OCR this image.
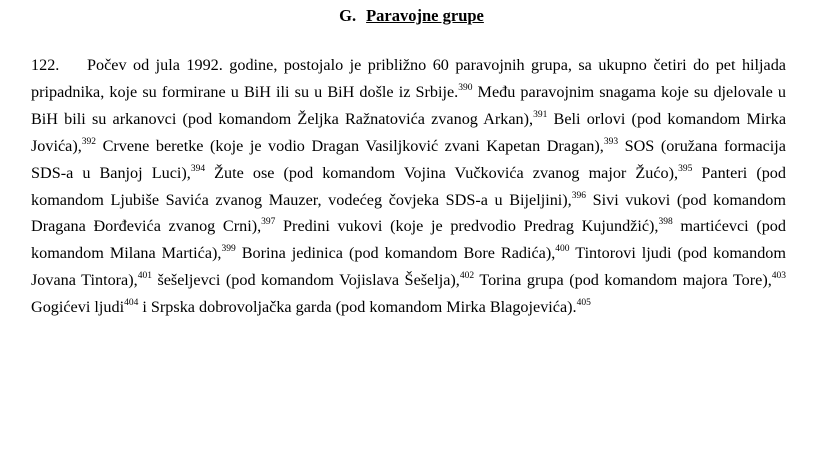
G. Paravojne grupe
122. Počev od jula 1992. godine, postojalo je približno 60 paravojnih grupa, sa ukupno četiri do pet hiljada pripadnika, koje su formirane u BiH ili su u BiH došle iz Srbije.$^{390}$ Među paravojnim snagama koje su djelovale u BiH bili su arkanovci (pod komandom Željka Ražnatovića zvanog Arkan),$^{391}$ Beli orlovi (pod komandom Mirka Jovića),$^{392}$ Crvene beretke (koje je vodio Dragan Vasiljković zvani Kapetan Dragan),$^{393}$ SOS (oružana formacija SDS-a u Banjoj Luci),$^{394}$ Žute ose (pod komandom Vojina Vučkovića zvanog major Žućo),$^{395}$ Panteri (pod komandom Ljubiše Savića zvanog Mauzer, vodećeg čovjeka SDS-a u Bijeljini),$^{396}$ Sivi vukovi (pod komandom Dragana Đorđevića zvanog Crni),$^{397}$ Predini vukovi (koje je predvodio Predrag Kujundžić),$^{398}$ martićevci (pod komandom Milana Martića),$^{399}$ Borina jedinica (pod komandom Bore Radića),$^{400}$ Tintorovi ljudi (pod komandom Jovana Tintora),$^{401}$ šešeljevci (pod komandom Vojislava Šešelja),$^{402}$ Torina grupa (pod komandom majora Tore),$^{403}$ Gogićevi ljudi$^{404}$ i Srpska dobrovoljačka garda (pod komandom Mirka Blagojevića).$^{405}$
